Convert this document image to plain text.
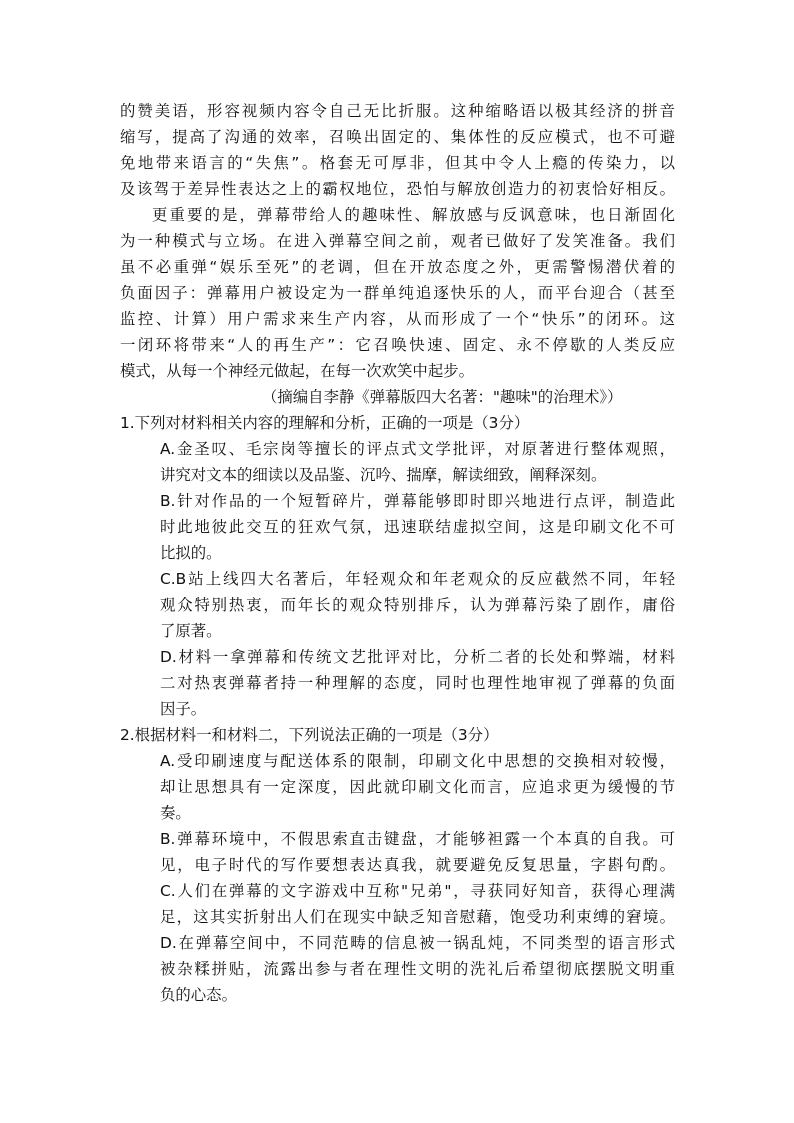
的赞美语，形容视频内容令自己无比折服。这种缩略语以极其经济的拼音
缩写，提高了沟通的效率，召唤出固定的、集体性的反应模式，也不可避
免地带来语言的“失焦”。格套无可厚非，但其中令人上瘾的传染力，以
及该驾于差异性表达之上的霸权地位，恐怕与解放创造力的初衷恰好相反。
更重要的是，弹幕带给人的趣味性、解放感与反讽意味，也日渐固化
为一种模式与立场。在进入弹幕空间之前，观者已做好了发笑准备。我们
虽不必重弹“娱乐至死”的老调，但在开放态度之外，更需警惕潜伏着的
负面因子：弹幕用户被设定为一群单纯追逐快乐的人，而平台迎合（甚至
监控、计算）用户需求来生产内容，从而形成了一个“快乐”的闭环。这
一闭环将带来“人的再生产”：它召唤快速、固定、永不停歇的人类反应
模式，从每一个神经元做起，在每一次欢笑中起步。
（摘编自李静《弹幕版四大名著："趣味"的治理术》）
1.下列对材料相关内容的理解和分析，正确的一项是（3分）
A.金圣叹、毛宗岗等擅长的评点式文学批评，对原著进行整体观照，
讲究对文本的细读以及品鉴、沉吟、揣摩，解读细致，阐释深刻。
B.针对作品的一个短暂碎片，弹幕能够即时即兴地进行点评，制造此
时此地彼此交互的狂欢气氛，迅速联结虚拟空间，这是印刷文化不可
比拟的。
C.B站上线四大名著后，年轻观众和年老观众的反应截然不同，年轻
观众特别热衷，而年长的观众特别排斥，认为弹幕污染了剧作，庸俗
了原著。
D.材料一拿弹幕和传统文艺批评对比，分析二者的长处和弊端，材料
二对热衷弹幕者持一种理解的态度，同时也理性地审视了弹幕的负面
因子。
2.根据材料一和材料二，下列说法正确的一项是（3分）
A.受印刷速度与配送体系的限制，印刷文化中思想的交换相对较慢，
却让思想具有一定深度，因此就印刷文化而言，应追求更为缓慢的节
奏。
B.弹幕环境中，不假思索直击键盘，才能够袒露一个本真的自我。可
见，电子时代的写作要想表达真我，就要避免反复思量，字斟句酌。
C.人们在弹幕的文字游戏中互称"兄弟"，寻获同好知音，获得心理满
足，这其实折射出人们在现实中缺乏知音慰藉，饱受功利束缚的窘境。
D.在弹幕空间中，不同范畴的信息被一锅乱炖，不同类型的语言形式
被杂糅拼贴，流露出参与者在理性文明的洗礼后希望彻底摆脱文明重
负的心态。
